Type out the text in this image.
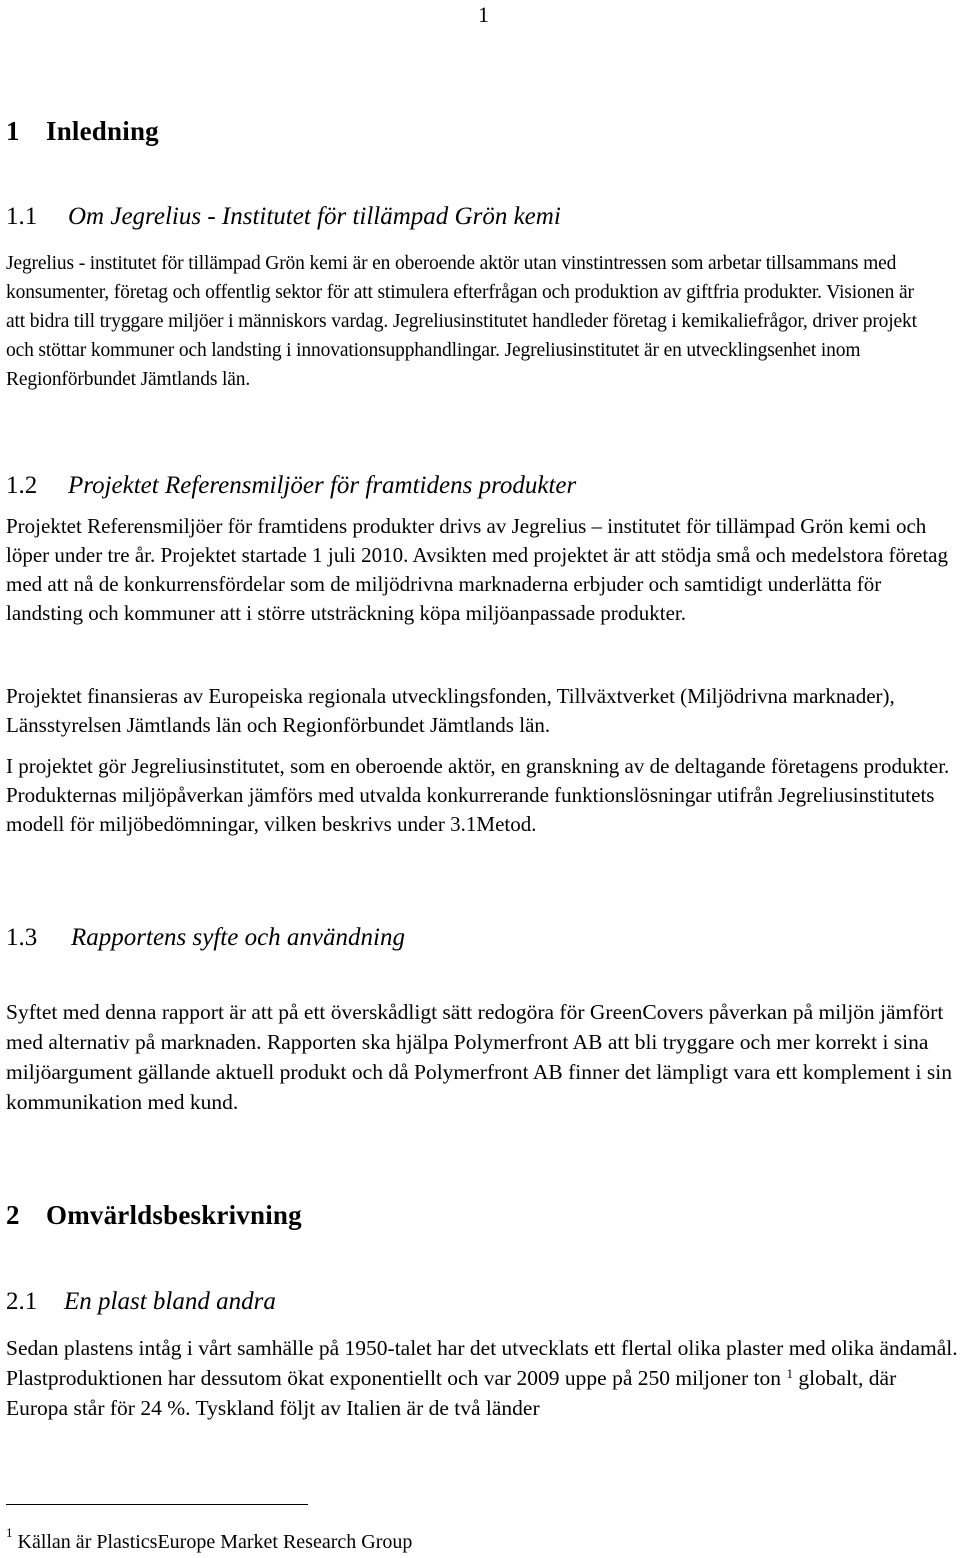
1
1 Inledning
1.1 Om Jegrelius - Institutet för tillämpad Grön kemi

Jegrelius - institutet för tillämpad Grön kemi är en oberoende aktör utan vinstintressen som arbetar tillsammans med konsumenter, företag och offentlig sektor för att stimulera efterfrågan och produktion av giftfria produkter. Visionen är att bidra till tryggare miljöer i människors vardag. Jegreliusinstitutet handleder företag i kemikaliefrågor, driver projekt och stöttar kommuner och landsting i innovationsupphandlingar. Jegreliusinstitutet är en utvecklingsenhet inom Regionförbundet Jämtlands län.

1.2 Projektet Referensmiljöer för framtidens produkter

Projektet Referensmiljöer för framtidens produkter drivs av Jegrelius – institutet för tillämpad Grön kemi och löper under tre år. Projektet startade 1 juli 2010. Avsikten med projektet är att stödja små och medelstora företag med att nå de konkurrensfördelar som de miljödrivna marknaderna erbjuder och samtidigt underlätta för landsting och kommuner att i större utsträckning köpa miljöanpassade produkter.

Projektet finansieras av Europeiska regionala utvecklingsfonden, Tillväxtverket (Miljödrivna marknader), Länsstyrelsen Jämtlands län och Regionförbundet Jämtlands län.

I projektet gör Jegreliusinstitutet, som en oberoende aktör, en granskning av de deltagande företagens produkter. Produkternas miljöpåverkan jämförs med utvalda konkurrerande funktionslösningar utifrån Jegreliusinstitutets modell för miljöbedömningar, vilken beskrivs under 3.1Metod.

1.3 Rapportens syfte och användning

Syftet med denna rapport är att på ett överskådligt sätt redogöra för GreenCovers påverkan på miljön jämfört med alternativ på marknaden. Rapporten ska hjälpa Polymerfront AB att bli tryggare och mer korrekt i sina miljöargument gällande aktuell produkt och då Polymerfront AB finner det lämpligt vara ett komplement i sin kommunikation med kund.

2 Omvärldsbeskrivning
2.1 En plast bland andra

Sedan plastens intåg i vårt samhälle på 1950-talet har det utvecklats ett flertal olika plaster med olika ändamål. Plastproduktionen har dessutom ökat exponentiellt och var 2009 uppe på 250 miljoner ton $^1$ globalt, där Europa står för 24 %. Tyskland följt av Italien är de två länder

$^1$ Källan är PlasticsEurope Market Research Group
